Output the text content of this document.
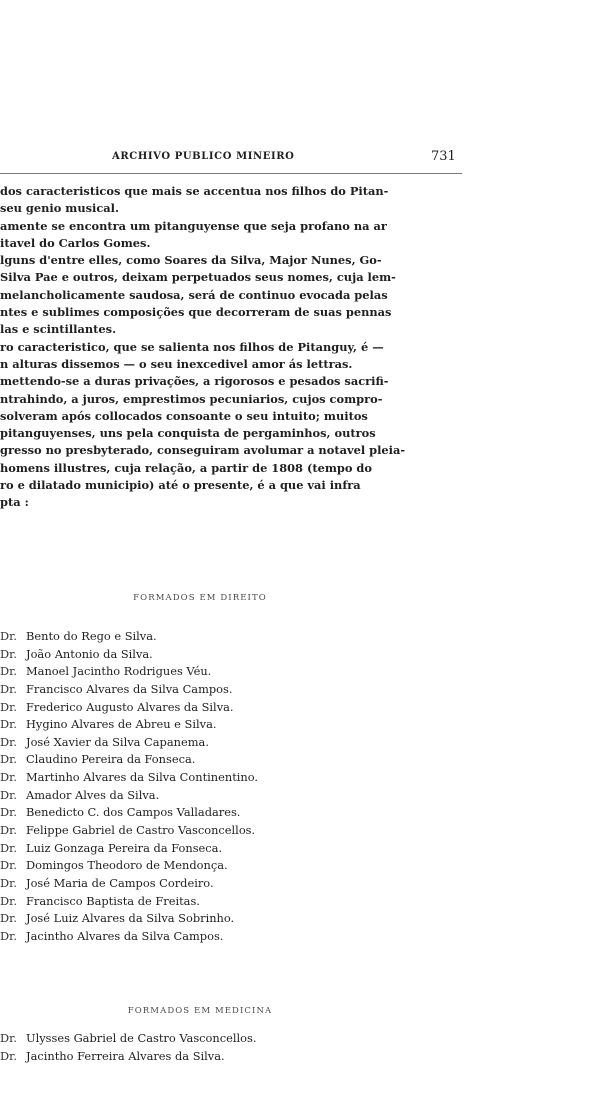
ARCHIVO PUBLICO MINEIRO	731
dos caracteristicos que mais se accentua nos filhos do Pitan-
seu genio musical.
amente se encontra um pitanguyense que seja profano na ar
itavel do Carlos Gomes.
lguns d'entre elles, como Soares da Silva, Major Nunes, Go-
Silva Pae e outros, deixam perpetuados seus nomes, cuja lem-
melancholicamente saudosa, será de continuo evocada pelas
ntes e sublimes composições que decorreram de suas pennas
las e scintillantes.
ro caracteristico, que se salienta nos filhos de Pitanguy, é —
n alturas dissemos — o seu inexcedivel amor ás lettras.
mettendo-se a duras privações, a rigorosos e pesados sacrifi-
ntrahindo, a juros, emprestimos pecuniarios, cujos compro-
solveram após collocados consoante o seu intuito; muitos
pitanguyenses, uns pela conquista de pergaminhos, outros
gresso no presbyterado, conseguiram avolumar a notavel pleia-
homens illustres, cuja relação, a partir de 1808 (tempo do
ro e dilatado municipio) até o presente, é a que vai infra
pta :
FORMADOS EM DIREITO
Dr. Bento do Rego e Silva.
Dr. João Antonio da Silva.
Dr. Manoel Jacintho Rodrigues Véu.
Dr. Francisco Alvares da Silva Campos.
Dr. Frederico Augusto Alvares da Silva.
Dr. Hygino Alvares de Abreu e Silva.
Dr. José Xavier da Silva Capanema.
Dr. Claudino Pereira da Fonseca.
Dr. Martinho Alvares da Silva Continentino.
Dr. Amador Alves da Silva.
Dr. Benedicto C. dos Campos Valladares.
Dr. Felippe Gabriel de Castro Vasconcellos.
Dr. Luiz Gonzaga Pereira da Fonseca.
Dr. Domingos Theodoro de Mendonça.
Dr. José Maria de Campos Cordeiro.
Dr. Francisco Baptista de Freitas.
Dr. José Luiz Alvares da Silva Sobrinho.
Dr. Jacintho Alvares da Silva Campos.
FORMADOS EM MEDICINA
Dr. Ulysses Gabriel de Castro Vasconcellos.
Dr. Jacintho Ferreira Alvares da Silva.
